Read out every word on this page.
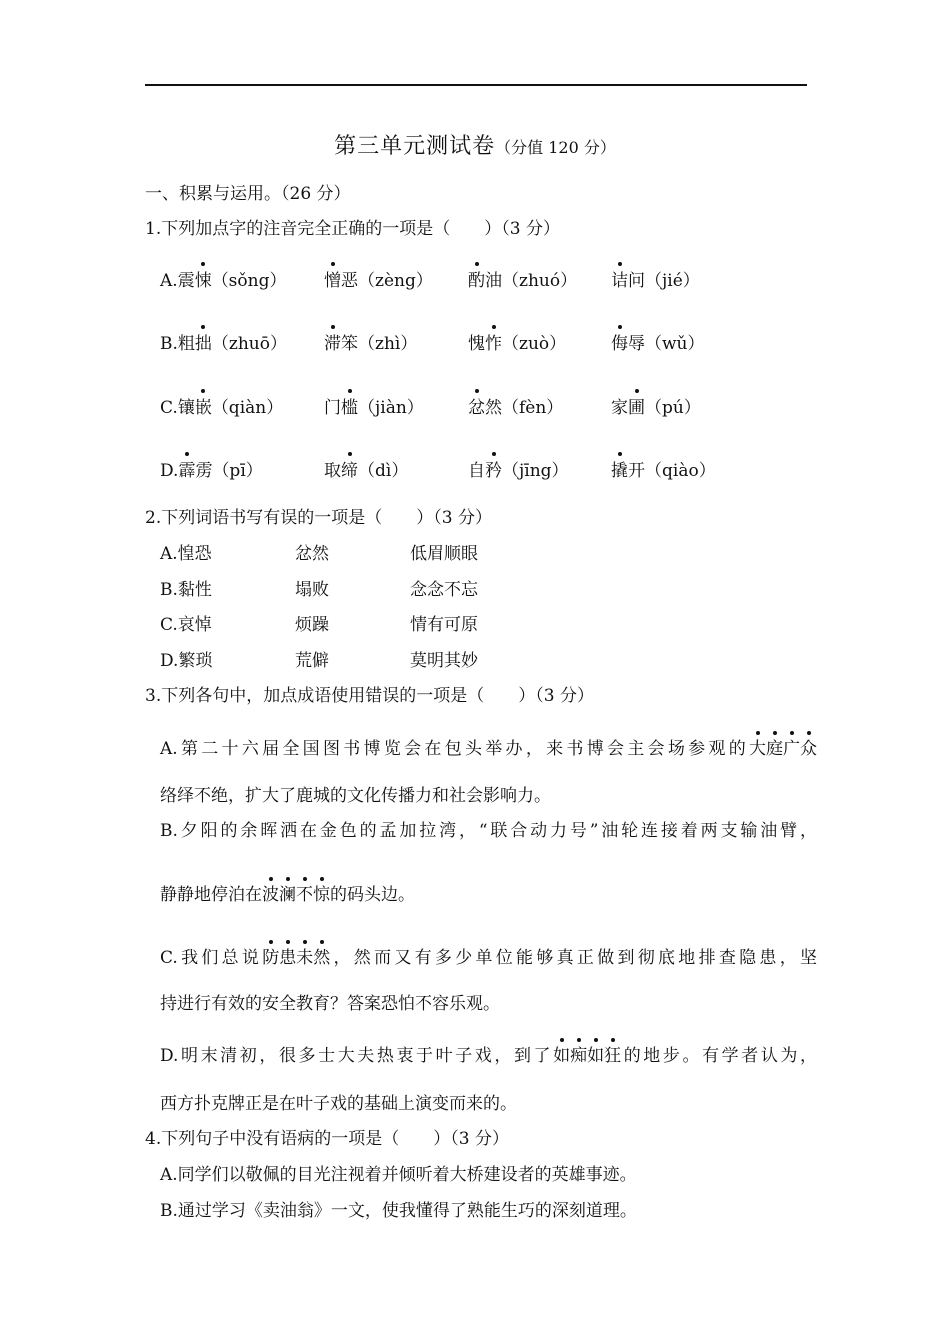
第三单元测试卷（分值 120 分）
一、积累与运用。（26 分）
1.下列加点字的注音完全正确的一项是（　　）（3 分）
A.震悚（sǒng） 憎恶（zèng） 酌油（zhuó） 诘问（jié）
B.粗拙（zhuō） 滞笨（zhì）	愧怍（zuò）	侮辱（wǔ）
C.镶嵌（qiàn） 门槛（jiàn）	忿然（fèn）	家圃（pú）
D.霹雳（pī）	取缔（dì）	自矜（jīng） 撬开（qiào）
2.下列词语书写有误的一项是（　　）（3 分）
A.惶恐	忿然	低眉顺眼
B.黏性	塌败	念念不忘
C.哀悼	烦躁	情有可原
D.繁琐	荒僻	莫明其妙
3.下列各句中，加点成语使用错误的一项是（　　）（3 分）
A.第二十六届全国图书博览会在包头举办，来书博会主会场参观的大庭广众
络绎不绝，扩大了鹿城的文化传播力和社会影响力。
B.夕阳的余晖洒在金色的孟加拉湾，“联合动力号”油轮连接着两支输油臂，
静静地停泊在波澜不惊的码头边。
C.我们总说防患未然，然而又有多少单位能够真正做到彻底地排查隐患，坚
持进行有效的安全教育？答案恐怕不容乐观。
D.明末清初，很多士大夫热衷于叶子戏，到了如痴如狂的地步。有学者认为，
西方扑克牌正是在叶子戏的基础上演变而来的。
4.下列句子中没有语病的一项是（　　）（3 分）
A.同学们以敬佩的目光注视着并倾听着大桥建设者的英雄事迹。
B.通过学习《卖油翁》一文，使我懂得了熟能生巧的深刻道理。
